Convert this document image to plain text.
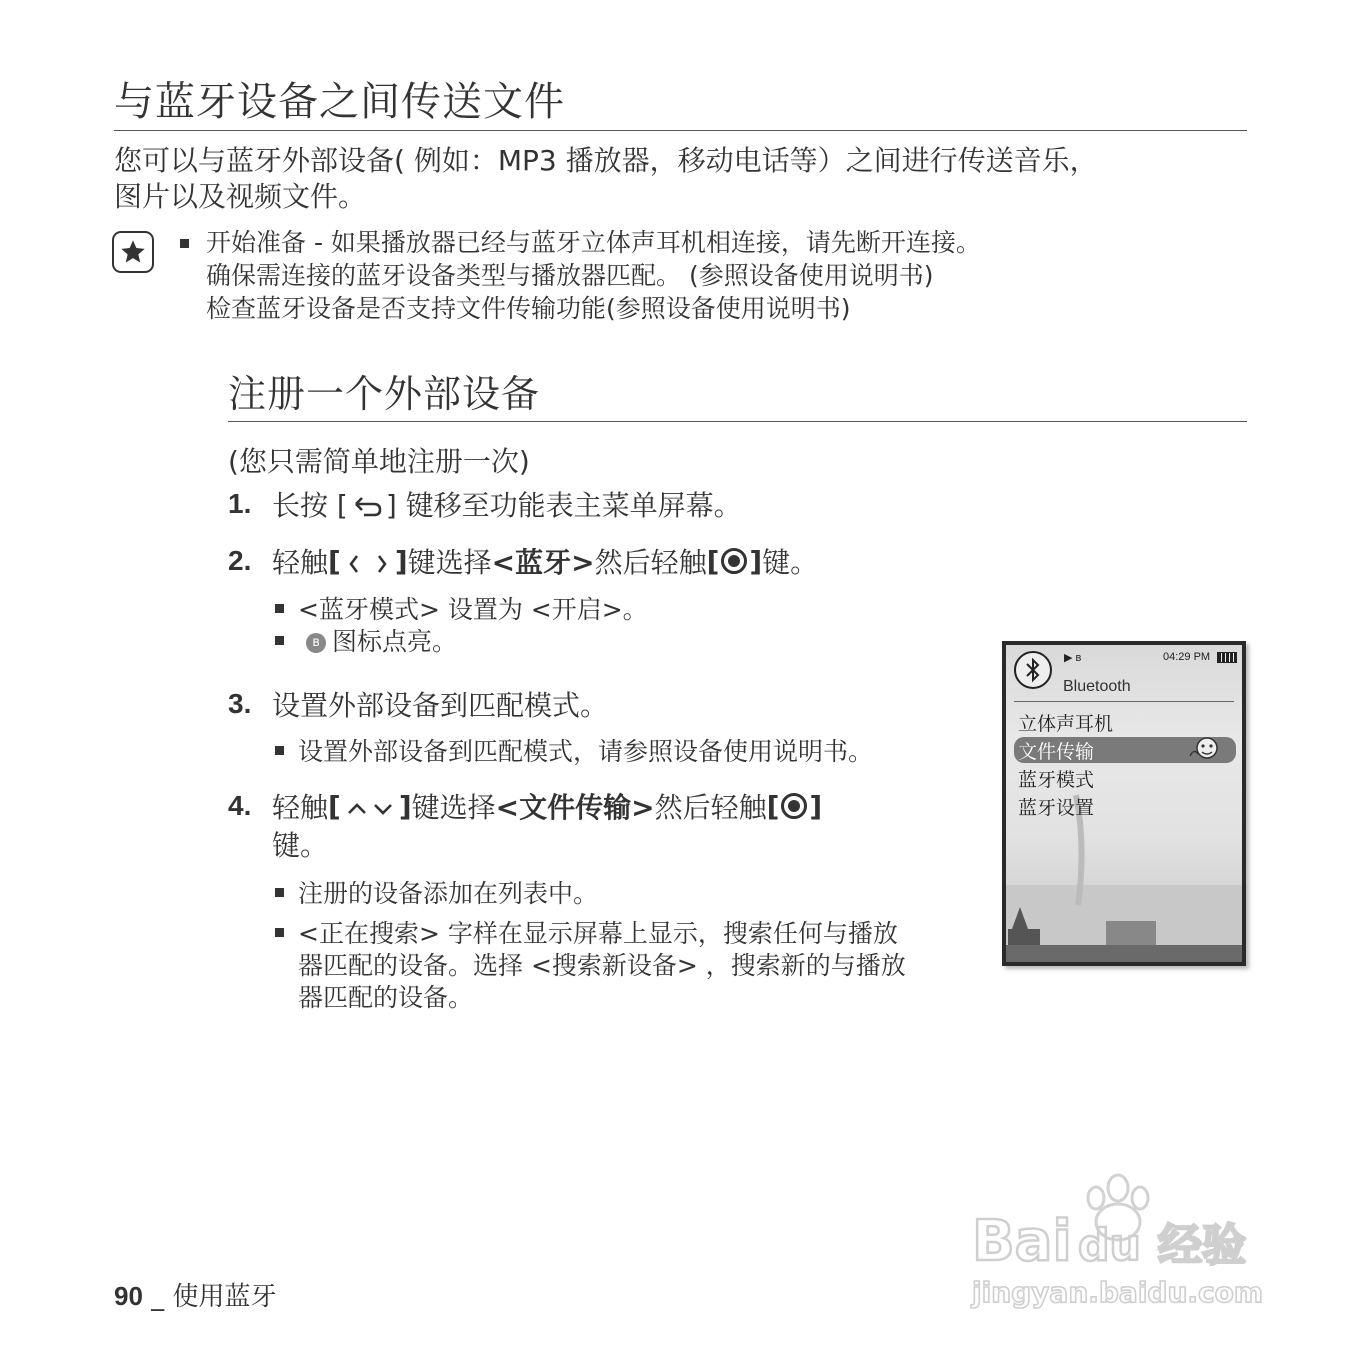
与蓝牙设备之间传送文件
您可以与蓝牙外部设备( 例如：MP3 播放器，移动电话等）之间进行传送音乐，
图片以及视频文件。
开始准备 - 如果播放器已经与蓝牙立体声耳机相连接，请先断开连接。
确保需连接的蓝牙设备类型与播放器匹配。 (参照设备使用说明书)
检查蓝牙设备是否支持文件传输功能(参照设备使用说明书)
注册一个外部设备
(您只需简单地注册一次)
1. 长按 [ ] 键移至功能表主菜单屏幕。
2. 轻触 [ ] 键选择 <蓝牙> 然后轻触 [ ] 键。
<蓝牙模式> 设置为 <开启>。
ʙ 图标点亮。
3. 设置外部设备到匹配模式。
设置外部设备到匹配模式，请参照设备使用说明书。
4. 轻触 [ ] 键选择 <文件传输> 然后轻触 [ ]
键。
注册的设备添加在列表中。
<正在搜索> 字样在显示屏幕上显示，搜索任何与播放
器匹配的设备。选择 <搜索新设备> ，搜索新的与播放
器匹配的设备。
▶ ʙ	04:29 PM
Bluetooth
立体声耳机
文件传输
蓝牙模式
蓝牙设置
90 _ 使用蓝牙
Bai du 经验
jingyan.baidu.com
